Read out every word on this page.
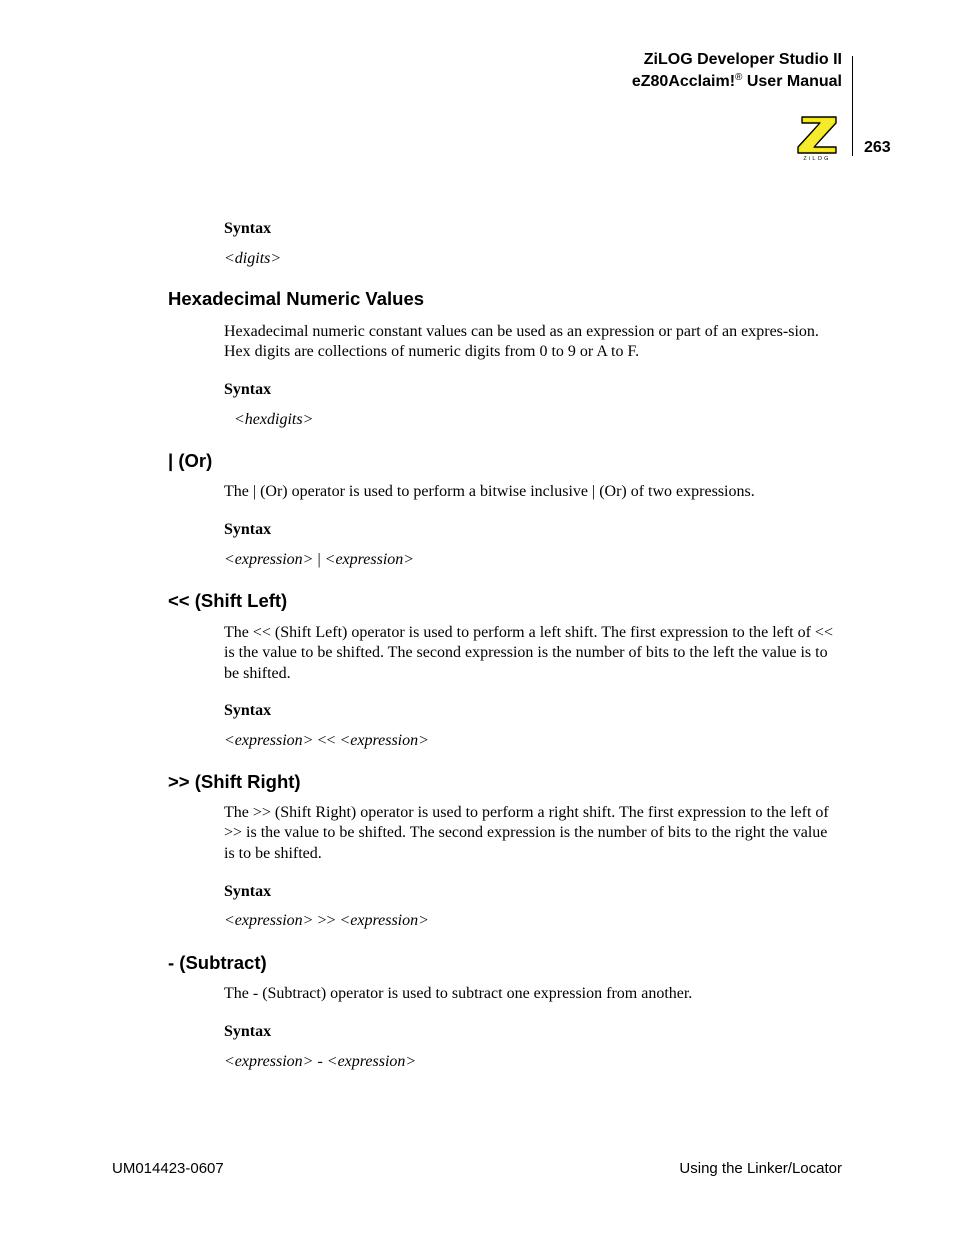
ZiLOG Developer Studio II
eZ80Acclaim!® User Manual
263
ZiLOG
Syntax
<digits>
Hexadecimal Numeric Values
Hexadecimal numeric constant values can be used as an expression or part of an expres-sion. Hex digits are collections of numeric digits from 0 to 9 or A to F.
Syntax
<hexdigits>
| (Or)
The | (Or) operator is used to perform a bitwise inclusive | (Or) of two expressions.
Syntax
<expression> | <expression>
<< (Shift Left)
The << (Shift Left) operator is used to perform a left shift. The first expression to the left of << is the value to be shifted. The second expression is the number of bits to the left the value is to be shifted.
Syntax
<expression> << <expression>
>> (Shift Right)
The >> (Shift Right) operator is used to perform a right shift. The first expression to the left of >> is the value to be shifted. The second expression is the number of bits to the right the value is to be shifted.
Syntax
<expression> >> <expression>
- (Subtract)
The - (Subtract) operator is used to subtract one expression from another.
Syntax
<expression> - <expression>
UM014423-0607	Using the Linker/Locator
